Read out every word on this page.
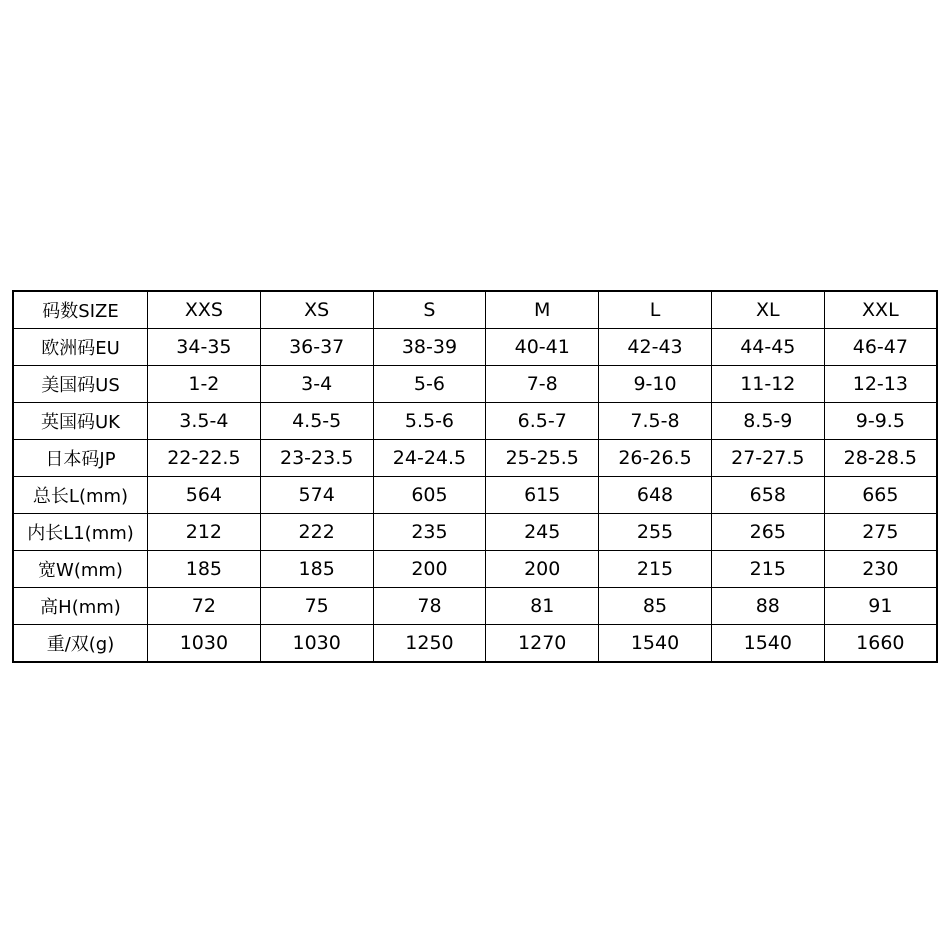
码数SIZE	XXS	XS	S	M	L	XL	XXL
欧洲码EU	34-35	36-37	38-39	40-41	42-43	44-45	46-47
美国码US	1-2	3-4	5-6	7-8	9-10	11-12	12-13
英国码UK	3.5-4	4.5-5	5.5-6	6.5-7	7.5-8	8.5-9	9-9.5
日本码JP	22-22.5	23-23.5	24-24.5	25-25.5	26-26.5	27-27.5	28-28.5
总长L(mm)	564	574	605	615	648	658	665
内长L1(mm)	212	222	235	245	255	265	275
宽W(mm)	185	185	200	200	215	215	230
高H(mm)	72	75	78	81	85	88	91
重/双(g)	1030	1030	1250	1270	1540	1540	1660
